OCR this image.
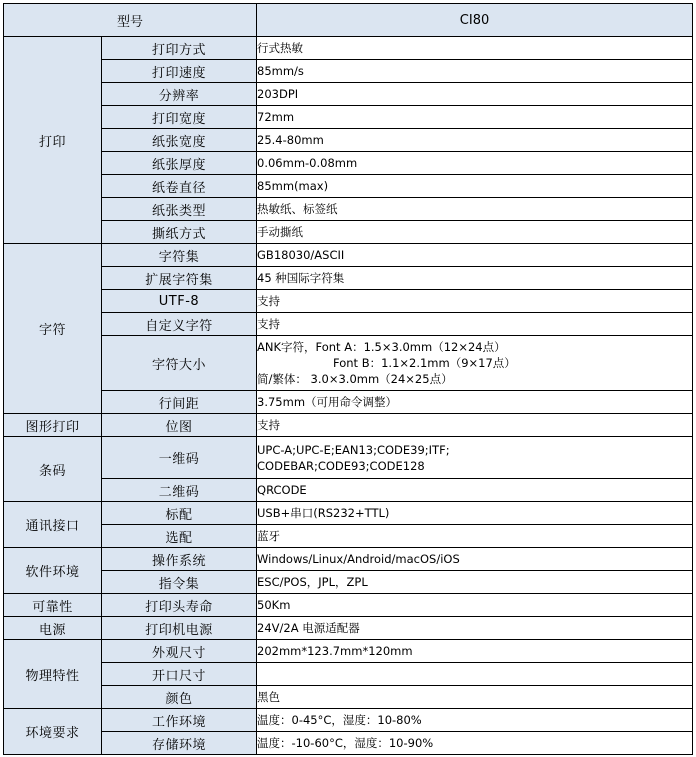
型号		CI80
打印	打印方式	行式热敏
	打印速度	85mm/s
	分辨率	203DPI
	打印宽度	72mm
	纸张宽度	25.4-80mm
	纸张厚度	0.06mm-0.08mm
	纸卷直径	85mm(max)
	纸张类型	热敏纸、标签纸
	撕纸方式	手动撕纸
字符	字符集	GB18030/ASCII
	扩展字符集	45 种国际字符集
	UTF-8	支持
	自定义字符	支持
	字符大小	ANK字符，Font A：1.5×3.0mm（12×24点）
Font B：1.1×2.1mm（9×17点）
简/繁体： 3.0×3.0mm（24×25点）

	行间距	3.75mm（可用命令调整）
图形打印	位图	支持
条码	一维码	UPC-A;UPC-E;EAN13;CODE39;ITF;
CODEBAR;CODE93;CODE128

	二维码	QRCODE
通讯接口	标配	USB+串口(RS232+TTL)
	选配	蓝牙
软件环境	操作系统	Windows/Linux/Android/macOS/iOS
	指令集	ESC/POS，JPL，ZPL
可靠性	打印头寿命	50Km
电源	打印机电源	24V/2A 电源适配器
物理特性	外观尺寸	202mm*123.7mm*120mm
	开口尺寸	
	颜色	黑色
环境要求	工作环境	温度：0-45°C，湿度：10-80%
	存储环境	温度：-10-60°C，湿度：10-90%
